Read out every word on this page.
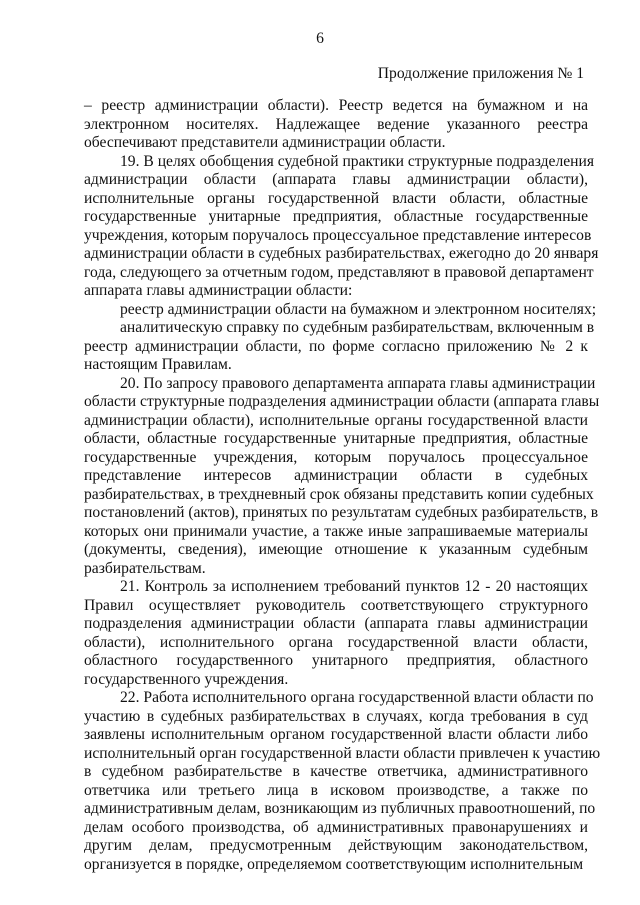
6
Продолжение приложения № 1
– реестр администрации области). Реестр ведется на бумажном и на
электронном носителях. Надлежащее ведение указанного реестра
обеспечивают представители администрации области.
19. В целях обобщения судебной практики структурные подразделения
администрации области (аппарата главы администрации области),
исполнительные органы государственной власти области, областные
государственные унитарные предприятия, областные государственные
учреждения, которым поручалось процессуальное представление интересов
администрации области в судебных разбирательствах, ежегодно до 20 января
года, следующего за отчетным годом, представляют в правовой департамент
аппарата главы администрации области:
реестр администрации области на бумажном и электронном носителях;
аналитическую справку по судебным разбирательствам, включенным в
реестр администрации области, по форме согласно приложению № 2 к
настоящим Правилам.
20. По запросу правового департамента аппарата главы администрации
области структурные подразделения администрации области (аппарата главы
администрации области), исполнительные органы государственной власти
области, областные государственные унитарные предприятия, областные
государственные учреждения, которым поручалось процессуальное
представление интересов администрации области в судебных
разбирательствах, в трехдневный срок обязаны представить копии судебных
постановлений (актов), принятых по результатам судебных разбирательств, в
которых они принимали участие, а также иные запрашиваемые материалы
(документы, сведения), имеющие отношение к указанным судебным
разбирательствам.
21. Контроль за исполнением требований пунктов 12 - 20 настоящих
Правил осуществляет руководитель соответствующего структурного
подразделения администрации области (аппарата главы администрации
области), исполнительного органа государственной власти области,
областного государственного унитарного предприятия, областного
государственного учреждения.
22. Работа исполнительного органа государственной власти области по
участию в судебных разбирательствах в случаях, когда требования в суд
заявлены исполнительным органом государственной власти области либо
исполнительный орган государственной власти области привлечен к участию
в судебном разбирательстве в качестве ответчика, административного
ответчика или третьего лица в исковом производстве, а также по
административным делам, возникающим из публичных правоотношений, по
делам особого производства, об административных правонарушениях и
другим делам, предусмотренным действующим законодательством,
организуется в порядке, определяемом соответствующим исполнительным
